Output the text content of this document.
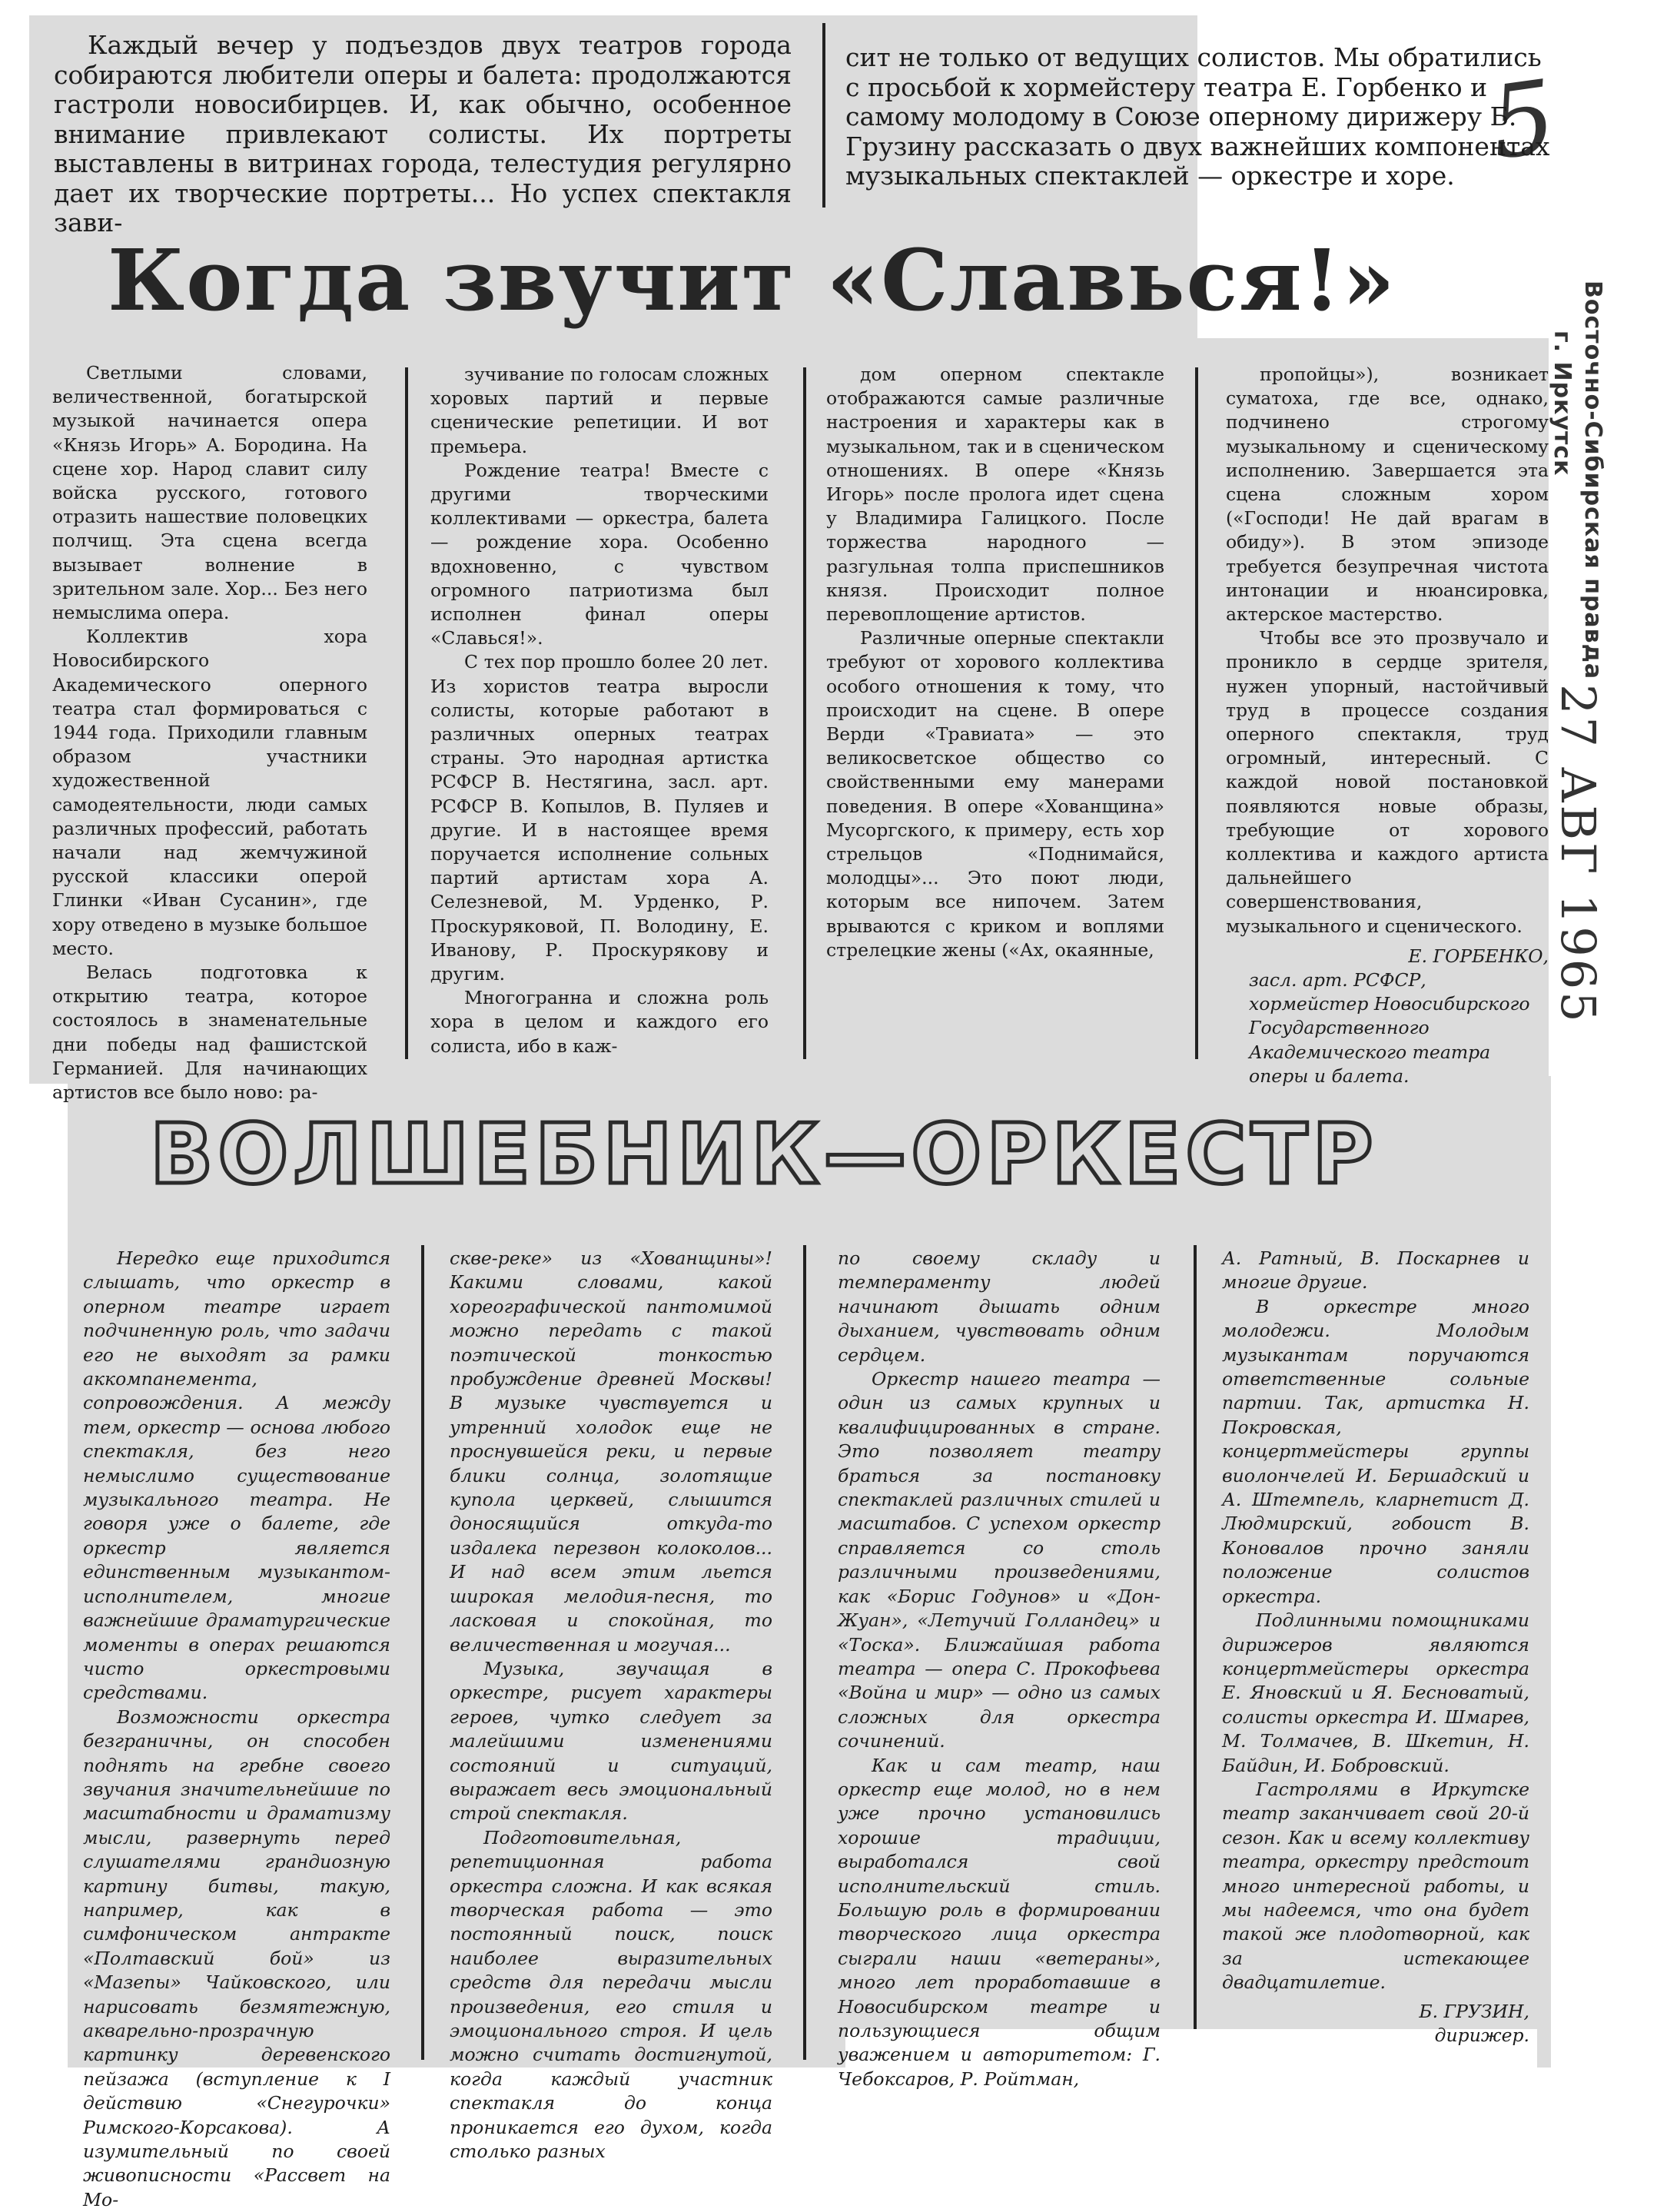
5
Восточно-Сибирская правда
г. Иркутск
27 АВГ 1965

Каждый вечер у подъездов двух театров города собираются любители оперы и балета: продолжаются гастроли новосибирцев. И, как обычно, особенное внимание привлекают солисты. Их портреты выставлены в витринах города, телестудия регулярно дает их творческие портреты... Но успех спектакля зави-

сит не только от ведущих солистов. Мы обратились с просьбой к хормейстеру театра Е. Горбенко и самому молодому в Союзе оперному дирижеру Б. Грузину рассказать о двух важнейших компонентах музыкальных спектаклей — оркестре и хоре.

Когда звучит «Славься!»

Светлыми словами, величественной, богатырской музыкой начинается опера «Князь Игорь» А. Бородина. На сцене хор. Народ славит силу войска русского, готового отразить нашествие половецких полчищ. Эта сцена всегда вызывает волнение в зрительном зале. Хор... Без него немыслима опера.

Коллектив хора Новосибирского Академического оперного театра стал формироваться с 1944 года. Приходили главным образом участники художественной самодеятельности, люди самых различных профессий, работать начали над жемчужиной русской классики оперой Глинки «Иван Сусанин», где хору отведено в музыке большое место.

Велась подготовка к открытию театра, которое состоялось в знаменательные дни победы над фашистской Германией. Для начинающих артистов все было ново: ра-

зучивание по голосам сложных хоровых партий и первые сценические репетиции. И вот премьера.

Рождение театра! Вместе с другими творческими коллективами — оркестра, балета — рождение хора. Особенно вдохновенно, с чувством огромного патриотизма был исполнен финал оперы «Славься!».

С тех пор прошло более 20 лет. Из хористов театра выросли солисты, которые работают в различных оперных театрах страны. Это народная артистка РСФСР В. Нестягина, засл. арт. РСФСР В. Копылов, В. Пуляев и другие. И в настоящее время поручается исполнение сольных партий артистам хора А. Селезневой, М. Урденко, Р. Проскуряковой, П. Володину, Е. Иванову, Р. Проскурякову и другим.

Многогранна и сложна роль хора в целом и каждого его солиста, ибо в каж-

дом оперном спектакле отображаются самые различные настроения и характеры как в музыкальном, так и в сценическом отношениях. В опере «Князь Игорь» после пролога идет сцена у Владимира Галицкого. После торжества народного — разгульная толпа приспешников князя. Происходит полное перевоплощение артистов.

Различные оперные спектакли требуют от хорового коллектива особого отношения к тому, что происходит на сцене. В опере Верди «Травиата» — это великосветское общество со свойственными ему манерами поведения. В опере «Хованщина» Мусоргского, к примеру, есть хор стрельцов «Поднимайся, молодцы»... Это поют люди, которым все нипочем. Затем врываются с криком и воплями стрелецкие жены («Ах, окаянные,

пропойцы»), возникает суматоха, где все, однако, подчинено строгому музыкальному и сценическому исполнению. Завершается эта сцена сложным хором («Господи! Не дай врагам в обиду»). В этом эпизоде требуется безупречная чистота интонации и нюансировка, актерское мастерство.

Чтобы все это прозвучало и проникло в сердце зрителя, нужен упорный, настойчивый труд в процессе создания оперного спектакля, труд огромный, интересный. С каждой новой постановкой появляются новые образы, требующие от хорового коллектива и каждого артиста дальнейшего совершенствования, музыкального и сценического.

Е. ГОРБЕНКО,

засл. арт. РСФСР, хормейстер Новосибирского Государственного Академического театра оперы и балета.

ВОЛШЕБНИК—ОРКЕСТР

Нередко еще приходится слышать, что оркестр в оперном театре играет подчиненную роль, что задачи его не выходят за рамки аккомпанемента, сопровождения. А между тем, оркестр — основа любого спектакля, без него немыслимо существование музыкального театра. Не говоря уже о балете, где оркестр является единственным музыкантом-исполнителем, многие важнейшие драматургические моменты в операх решаются чисто оркестровыми средствами.

Возможности оркестра безграничны, он способен поднять на гребне своего звучания значительнейшие по масштабности и драматизму мысли, развернуть перед слушателями грандиозную картину битвы, такую, например, как в симфоническом антракте «Полтавский бой» из «Мазепы» Чайковского, или нарисовать безмятежную, акварельно-прозрачную картинку деревенского пейзажа (вступление к I действию «Снегурочки» Римского-Корсакова). А изумительный по своей живописности «Рассвет на Мо-

скве-реке» из «Хованщины»! Какими словами, какой хореографической пантомимой можно передать с такой поэтической тонкостью пробуждение древней Москвы! В музыке чувствуется и утренний холодок еще не проснувшейся реки, и первые блики солнца, золотящие купола церквей, слышится доносящийся откуда-то издалека перезвон колоколов... И над всем этим льется широкая мелодия-песня, то ласковая и спокойная, то величественная и могучая...

Музыка, звучащая в оркестре, рисует характеры героев, чутко следует за малейшими изменениями состояний и ситуаций, выражает весь эмоциональный строй спектакля.

Подготовительная, репетиционная работа оркестра сложна. И как всякая творческая работа — это постоянный поиск, поиск наиболее выразительных средств для передачи мысли произведения, его стиля и эмоционального строя. И цель можно считать достигнутой, когда каждый участник спектакля до конца проникается его духом, когда столько разных

по своему складу и темпераменту людей начинают дышать одним дыханием, чувствовать одним сердцем.

Оркестр нашего театра — один из самых крупных и квалифицированных в стране. Это позволяет театру браться за постановку спектаклей различных стилей и масштабов. С успехом оркестр справляется со столь различными произведениями, как «Борис Годунов» и «Дон-Жуан», «Летучий Голландец» и «Тоска». Ближайшая работа театра — опера С. Прокофьева «Война и мир» — одно из самых сложных для оркестра сочинений.

Как и сам театр, наш оркестр еще молод, но в нем уже прочно установились хорошие традиции, выработался свой исполнительский стиль. Большую роль в формировании творческого лица оркестра сыграли наши «ветераны», много лет проработавшие в Новосибирском театре и пользующиеся общим уважением и авторитетом: Г. Чебоксаров, Р. Ройтман,

А. Ратный, В. Поскарнев и многие другие.

В оркестре много молодежи. Молодым музыкантам поручаются ответственные сольные партии. Так, артистка Н. Покровская, концертмейстеры группы виолончелей И. Бершадский и А. Штемпель, кларнетист Д. Людмирский, гобоист В. Коновалов прочно заняли положение солистов оркестра.

Подлинными помощниками дирижеров являются концертмейстеры оркестра Е. Яновский и Я. Бесноватый, солисты оркестра И. Шмарев, М. Толмачев, В. Шкетин, Н. Байдин, И. Бобровский.

Гастролями в Иркутске театр заканчивает свой 20-й сезон. Как и всему коллективу театра, оркестру предстоит много интересной работы, и мы надеемся, что она будет такой же плодотворной, как за истекающее двадцатилетие.

Б. ГРУЗИН,

дирижер.
